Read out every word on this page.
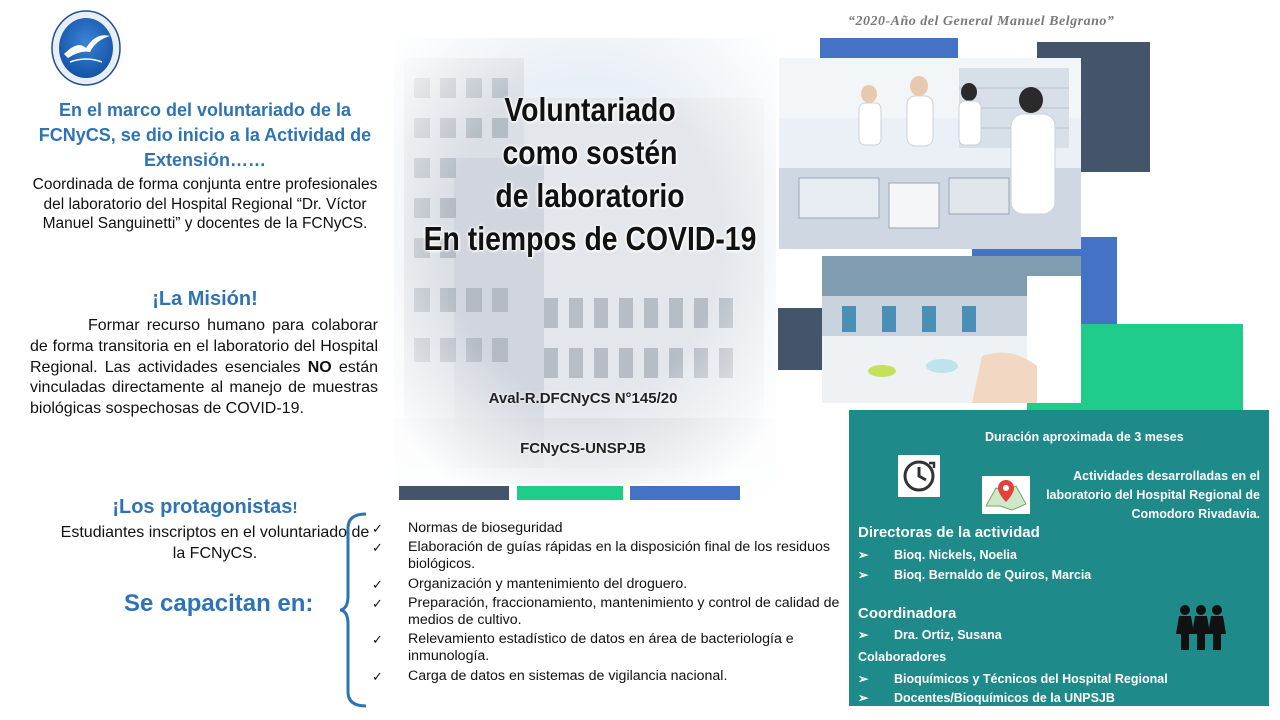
“2020-Año del General Manuel Belgrano”
En el marco del voluntariado de la FCNyCS, se dio inicio a la Actividad de Extensión……
Coordinada de forma conjunta entre profesionales del laboratorio del Hospital Regional “Dr. Víctor Manuel Sanguinetti” y docentes de la FCNyCS.
¡La Misión!
Formar recurso humano para colaborar de forma transitoria en el laboratorio del Hospital Regional. Las actividades esenciales NO están vinculadas directamente al manejo de muestras biológicas sospechosas de COVID-19.
¡Los protagonistas!
Estudiantes inscriptos en el voluntariado de la FCNyCS.
Se capacitan en:
✓ Normas de bioseguridad
✓ Elaboración de guías rápidas en la disposición final de los residuos biológicos.
✓ Organización y mantenimiento del droguero.
✓ Preparación, fraccionamiento, mantenimiento y control de calidad de medios de cultivo.
✓ Relevamiento estadístico de datos en área de bacteriología e inmunología.
✓ Carga de datos en sistemas de vigilancia nacional.
Voluntariado
como sostén
de laboratorio
En tiempos de COVID-19
Aval-R.DFCNyCS N°145/20
FCNyCS-UNSPJB
Duración aproximada de 3 meses
Actividades desarrolladas en el laboratorio del Hospital Regional de Comodoro Rivadavia.
Directoras de la actividad
➢ Bioq. Nickels, Noelia
➢ Bioq. Bernaldo de Quiros, Marcia
Coordinadora
➢ Dra. Ortiz, Susana
Colaboradores
➢ Bioquímicos y Técnicos del Hospital Regional
➢ Docentes/Bioquímicos de la UNPSJB
